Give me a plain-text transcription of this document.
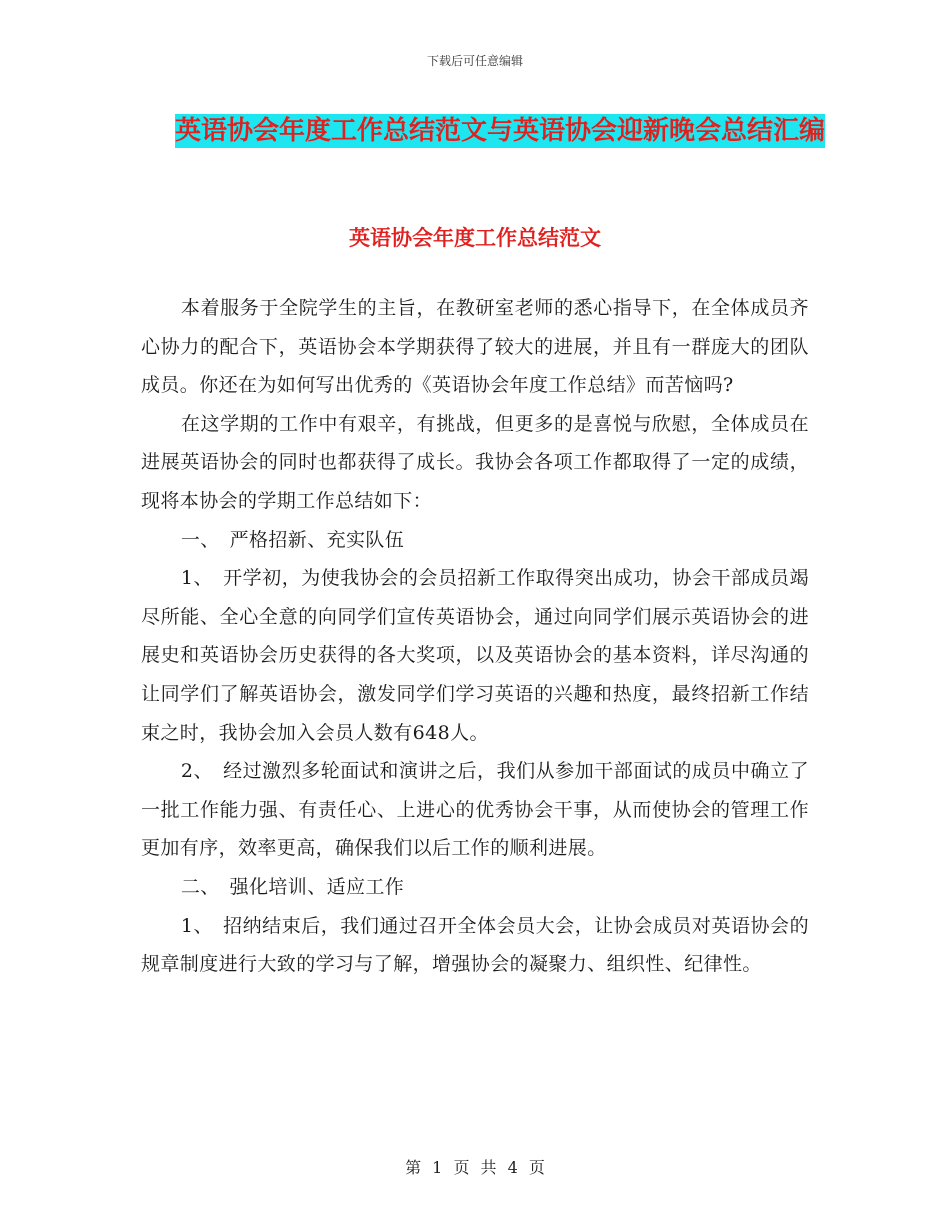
下载后可任意编辑
英语协会年度工作总结范文与英语协会迎新晚会总结汇编
英语协会年度工作总结范文

本着服务于全院学生的主旨，在教研室老师的悉心指导下，在全体成员齐心协力的配合下，英语协会本学期获得了较大的进展，并且有一群庞大的团队成员。你还在为如何写出优秀的《英语协会年度工作总结》而苦恼吗?

在这学期的工作中有艰辛，有挑战，但更多的是喜悦与欣慰，全体成员在进展英语协会的同时也都获得了成长。我协会各项工作都取得了一定的成绩，现将本协会的学期工作总结如下：

一、　严格招新、充实队伍

1、　开学初，为使我协会的会员招新工作取得突出成功，协会干部成员竭尽所能、全心全意的向同学们宣传英语协会，通过向同学们展示英语协会的进展史和英语协会历史获得的各大奖项，以及英语协会的基本资料，详尽沟通的让同学们了解英语协会，激发同学们学习英语的兴趣和热度，最终招新工作结束之时，我协会加入会员人数有648人。

2、　经过激烈多轮面试和演讲之后，我们从参加干部面试的成员中确立了一批工作能力强、有责任心、上进心的优秀协会干事，从而使协会的管理工作更加有序，效率更高，确保我们以后工作的顺利进展。

二、　强化培训、适应工作

1、　招纳结束后，我们通过召开全体会员大会，让协会成员对英语协会的规章制度进行大致的学习与了解，增强协会的凝聚力、组织性、纪律性。

第 1 页 共 4 页
